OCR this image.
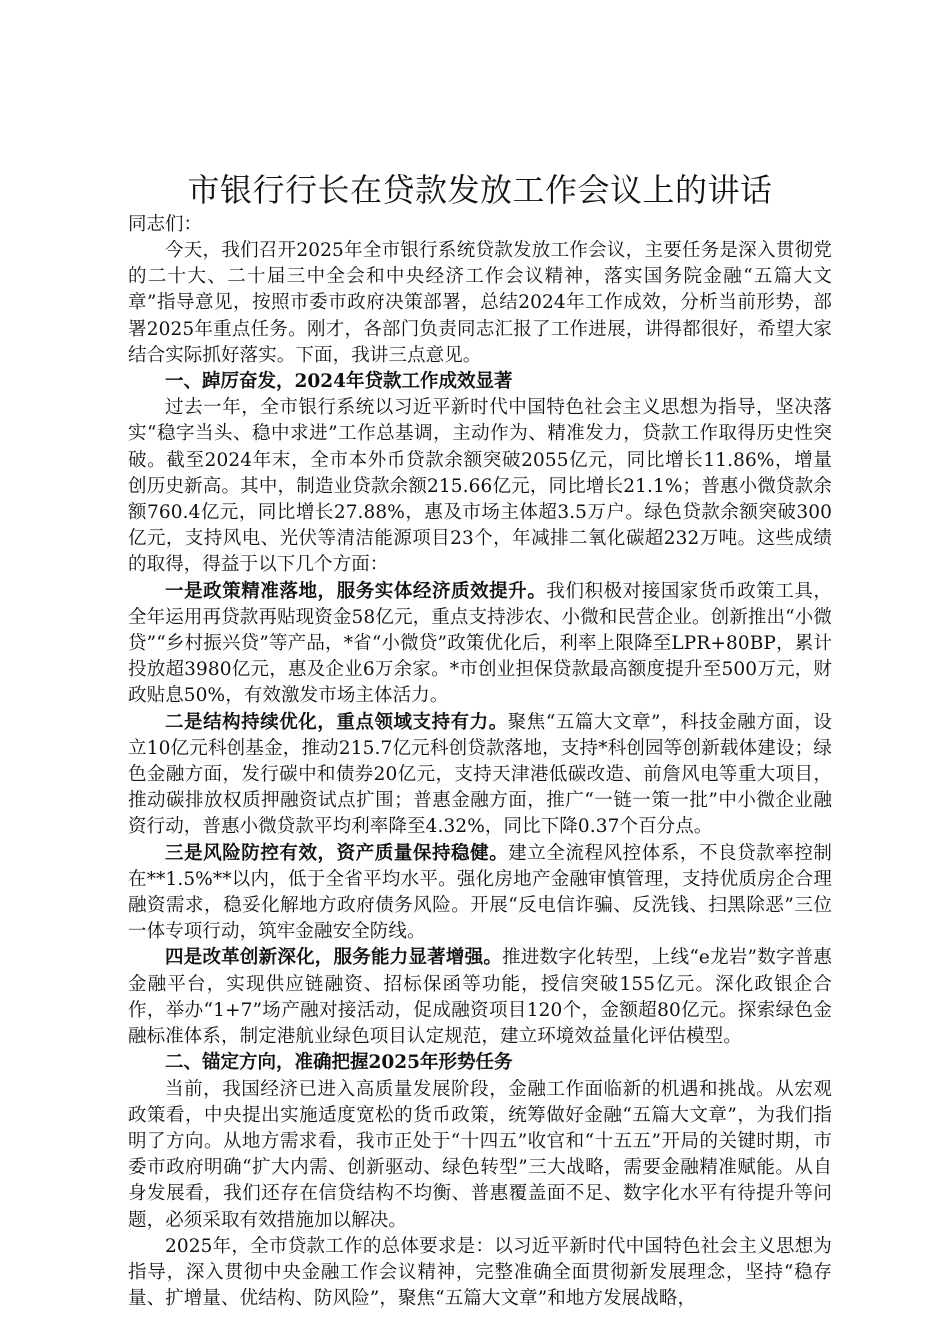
市银行行长在贷款发放工作会议上的讲话

同志们：

今天，我们召开2025年全市银行系统贷款发放工作会议，主要任务是深入贯彻党的二十大、二十届三中全会和中央经济工作会议精神，落实国务院金融“五篇大文章”指导意见，按照市委市政府决策部署，总结2024年工作成效，分析当前形势，部署2025年重点任务。刚才，各部门负责同志汇报了工作进展，讲得都很好，希望大家结合实际抓好落实。下面，我讲三点意见。

一、踔厉奋发，2024年贷款工作成效显著

过去一年，全市银行系统以习近平新时代中国特色社会主义思想为指导，坚决落实“稳字当头、稳中求进”工作总基调，主动作为、精准发力，贷款工作取得历史性突破。截至2024年末，全市本外币贷款余额突破2055亿元，同比增长11.86%，增量创历史新高。其中，制造业贷款余额215.66亿元，同比增长21.1%；普惠小微贷款余额760.4亿元，同比增长27.88%，惠及市场主体超3.5万户。绿色贷款余额突破300亿元，支持风电、光伏等清洁能源项目23个，年减排二氧化碳超232万吨。这些成绩的取得，得益于以下几个方面：

一是政策精准落地，服务实体经济质效提升。我们积极对接国家货币政策工具，全年运用再贷款再贴现资金58亿元，重点支持涉农、小微和民营企业。创新推出“小微贷”“乡村振兴贷”等产品，*省“小微贷”政策优化后，利率上限降至LPR+80BP，累计投放超3980亿元，惠及企业6万余家。*市创业担保贷款最高额度提升至500万元，财政贴息50%，有效激发市场主体活力。

二是结构持续优化，重点领域支持有力。聚焦“五篇大文章”，科技金融方面，设立10亿元科创基金，推动215.7亿元科创贷款落地，支持*科创园等创新载体建设；绿色金融方面，发行碳中和债券20亿元，支持天津港低碳改造、前詹风电等重大项目，推动碳排放权质押融资试点扩围；普惠金融方面，推广“一链一策一批”中小微企业融资行动，普惠小微贷款平均利率降至4.32%，同比下降0.37个百分点。

三是风险防控有效，资产质量保持稳健。建立全流程风控体系，不良贷款率控制在**1.5%**以内，低于全省平均水平。强化房地产金融审慎管理，支持优质房企合理融资需求，稳妥化解地方政府债务风险。开展“反电信诈骗、反洗钱、扫黑除恶”三位一体专项行动，筑牢金融安全防线。

四是改革创新深化，服务能力显著增强。推进数字化转型，上线“e龙岩”数字普惠金融平台，实现供应链融资、招标保函等功能，授信突破155亿元。深化政银企合作，举办“1+7”场产融对接活动，促成融资项目120个，金额超80亿元。探索绿色金融标准体系，制定港航业绿色项目认定规范，建立环境效益量化评估模型。

二、锚定方向，准确把握2025年形势任务

当前，我国经济已进入高质量发展阶段，金融工作面临新的机遇和挑战。从宏观政策看，中央提出实施适度宽松的货币政策，统筹做好金融“五篇大文章”，为我们指明了方向。从地方需求看，我市正处于“十四五”收官和“十五五”开局的关键时期，市委市政府明确“扩大内需、创新驱动、绿色转型”三大战略，需要金融精准赋能。从自身发展看，我们还存在信贷结构不均衡、普惠覆盖面不足、数字化水平有待提升等问题，必须采取有效措施加以解决。

2025年，全市贷款工作的总体要求是：以习近平新时代中国特色社会主义思想为指导，深入贯彻中央金融工作会议精神，完整准确全面贯彻新发展理念，坚持“稳存量、扩增量、优结构、防风险”，聚焦“五篇大文章”和地方发展战略，
